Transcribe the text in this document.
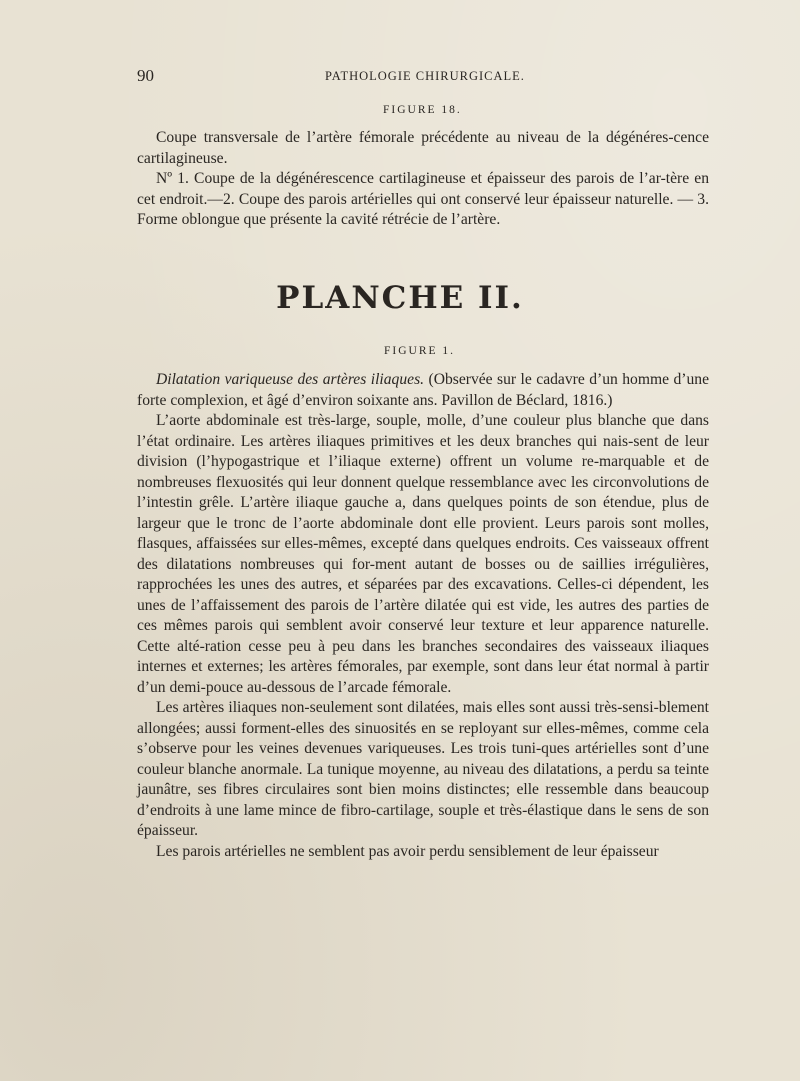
90	PATHOLOGIE CHIRURGICALE.
FIGURE 18.

Coupe transversale de l’artère fémorale précédente au niveau de la dégénéres-cence cartilagineuse.

Nº 1. Coupe de la dégénérescence cartilagineuse et épaisseur des parois de l’ar-tère en cet endroit.—2. Coupe des parois artérielles qui ont conservé leur épaisseur naturelle. — 3. Forme oblongue que présente la cavité rétrécie de l’artère.

PLANCHE II.
FIGURE 1.

Dilatation variqueuse des artères iliaques. (Observée sur le cadavre d’un homme d’une forte complexion, et âgé d’environ soixante ans. Pavillon de Béclard, 1816.)

L’aorte abdominale est très-large, souple, molle, d’une couleur plus blanche que dans l’état ordinaire. Les artères iliaques primitives et les deux branches qui nais-sent de leur division (l’hypogastrique et l’iliaque externe) offrent un volume re-marquable et de nombreuses flexuosités qui leur donnent quelque ressemblance avec les circonvolutions de l’intestin grêle. L’artère iliaque gauche a, dans quelques points de son étendue, plus de largeur que le tronc de l’aorte abdominale dont elle provient. Leurs parois sont molles, flasques, affaissées sur elles-mêmes, excepté dans quelques endroits. Ces vaisseaux offrent des dilatations nombreuses qui for-ment autant de bosses ou de saillies irrégulières, rapprochées les unes des autres, et séparées par des excavations. Celles-ci dépendent, les unes de l’affaissement des parois de l’artère dilatée qui est vide, les autres des parties de ces mêmes parois qui semblent avoir conservé leur texture et leur apparence naturelle. Cette alté-ration cesse peu à peu dans les branches secondaires des vaisseaux iliaques internes et externes; les artères fémorales, par exemple, sont dans leur état normal à partir d’un demi-pouce au-dessous de l’arcade fémorale.

Les artères iliaques non-seulement sont dilatées, mais elles sont aussi très-sensi-blement allongées; aussi forment-elles des sinuosités en se reployant sur elles-mêmes, comme cela s’observe pour les veines devenues variqueuses. Les trois tuni-ques artérielles sont d’une couleur blanche anormale. La tunique moyenne, au niveau des dilatations, a perdu sa teinte jaunâtre, ses fibres circulaires sont bien moins distinctes; elle ressemble dans beaucoup d’endroits à une lame mince de fibro-cartilage, souple et très-élastique dans le sens de son épaisseur.

Les parois artérielles ne semblent pas avoir perdu sensiblement de leur épaisseur
